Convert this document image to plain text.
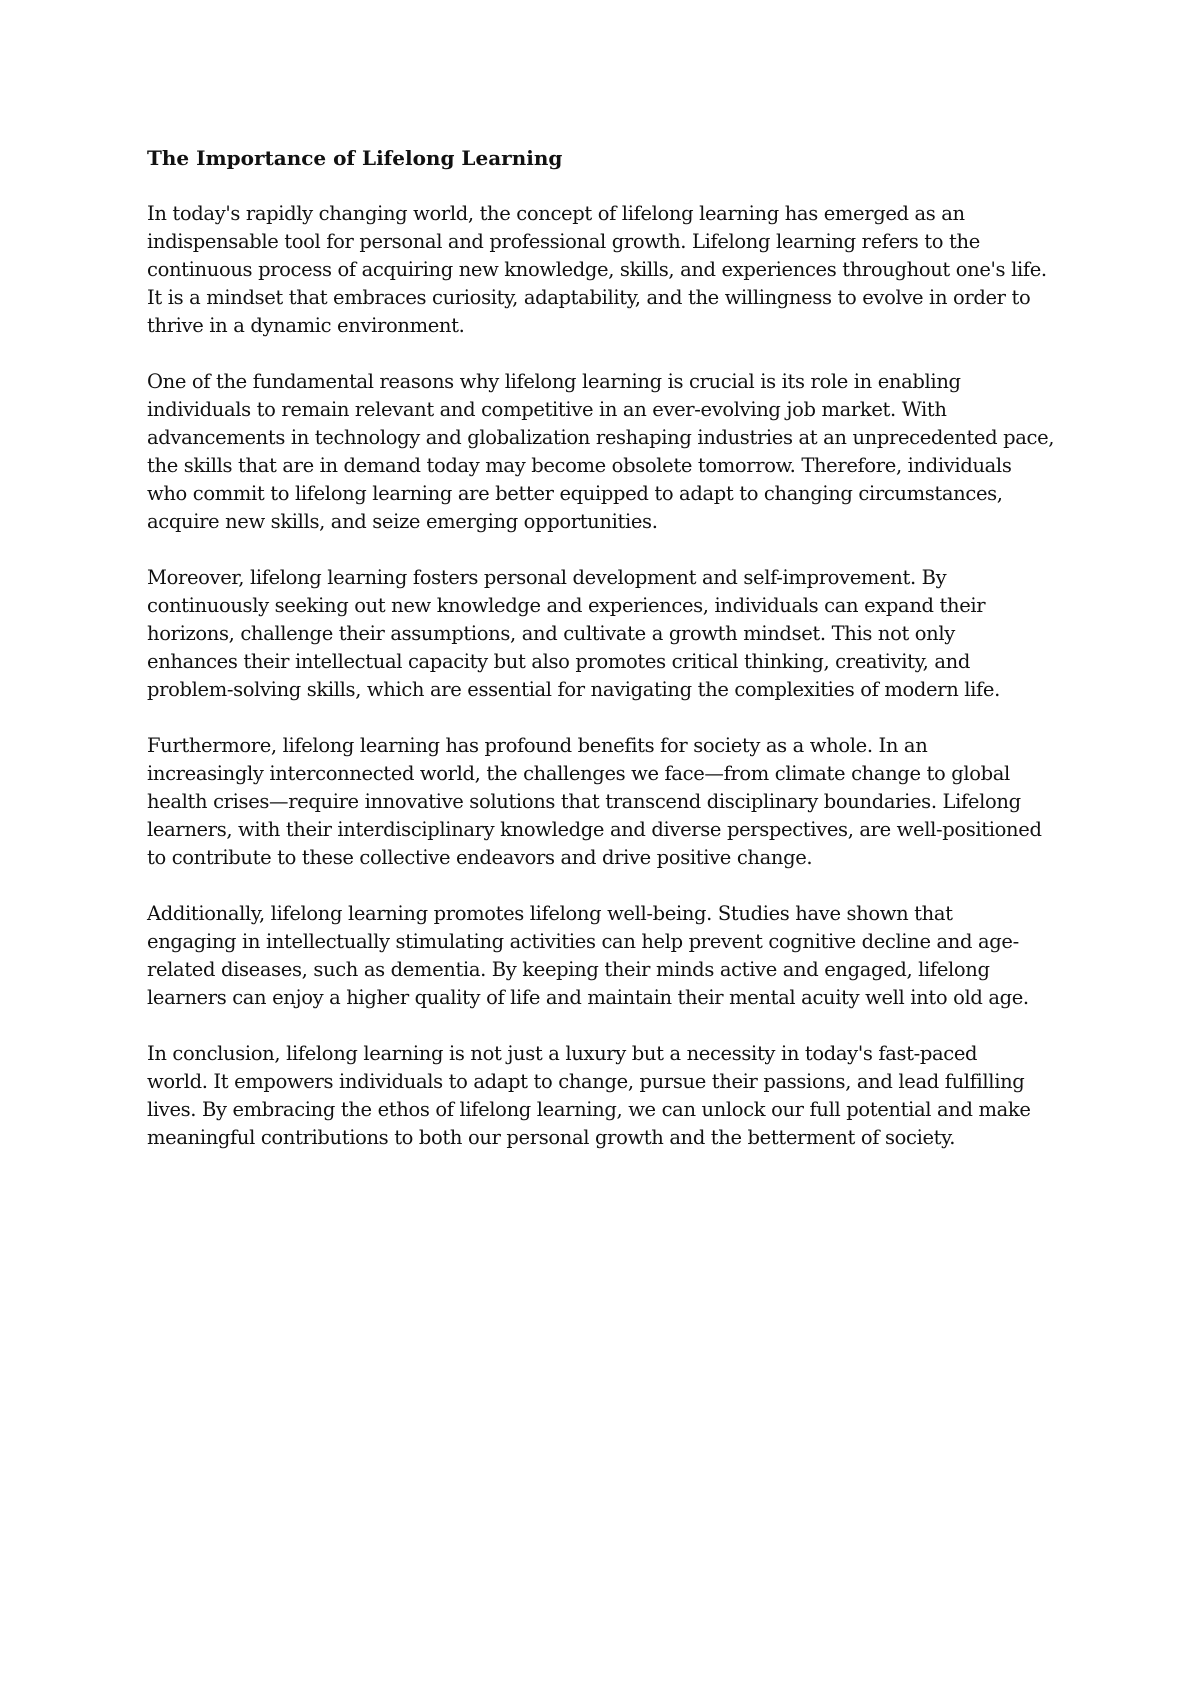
The Importance of Lifelong Learning
In today's rapidly changing world, the concept of lifelong learning has emerged as an
indispensable tool for personal and professional growth. Lifelong learning refers to the
continuous process of acquiring new knowledge, skills, and experiences throughout one's life.
It is a mindset that embraces curiosity, adaptability, and the willingness to evolve in order to
thrive in a dynamic environment.
One of the fundamental reasons why lifelong learning is crucial is its role in enabling
individuals to remain relevant and competitive in an ever-evolving job market. With
advancements in technology and globalization reshaping industries at an unprecedented pace,
the skills that are in demand today may become obsolete tomorrow. Therefore, individuals
who commit to lifelong learning are better equipped to adapt to changing circumstances,
acquire new skills, and seize emerging opportunities.
Moreover, lifelong learning fosters personal development and self-improvement. By
continuously seeking out new knowledge and experiences, individuals can expand their
horizons, challenge their assumptions, and cultivate a growth mindset. This not only
enhances their intellectual capacity but also promotes critical thinking, creativity, and
problem-solving skills, which are essential for navigating the complexities of modern life.
Furthermore, lifelong learning has profound benefits for society as a whole. In an
increasingly interconnected world, the challenges we face—from climate change to global
health crises—require innovative solutions that transcend disciplinary boundaries. Lifelong
learners, with their interdisciplinary knowledge and diverse perspectives, are well-positioned
to contribute to these collective endeavors and drive positive change.
Additionally, lifelong learning promotes lifelong well-being. Studies have shown that
engaging in intellectually stimulating activities can help prevent cognitive decline and age-
related diseases, such as dementia. By keeping their minds active and engaged, lifelong
learners can enjoy a higher quality of life and maintain their mental acuity well into old age.
In conclusion, lifelong learning is not just a luxury but a necessity in today's fast-paced
world. It empowers individuals to adapt to change, pursue their passions, and lead fulfilling
lives. By embracing the ethos of lifelong learning, we can unlock our full potential and make
meaningful contributions to both our personal growth and the betterment of society.
